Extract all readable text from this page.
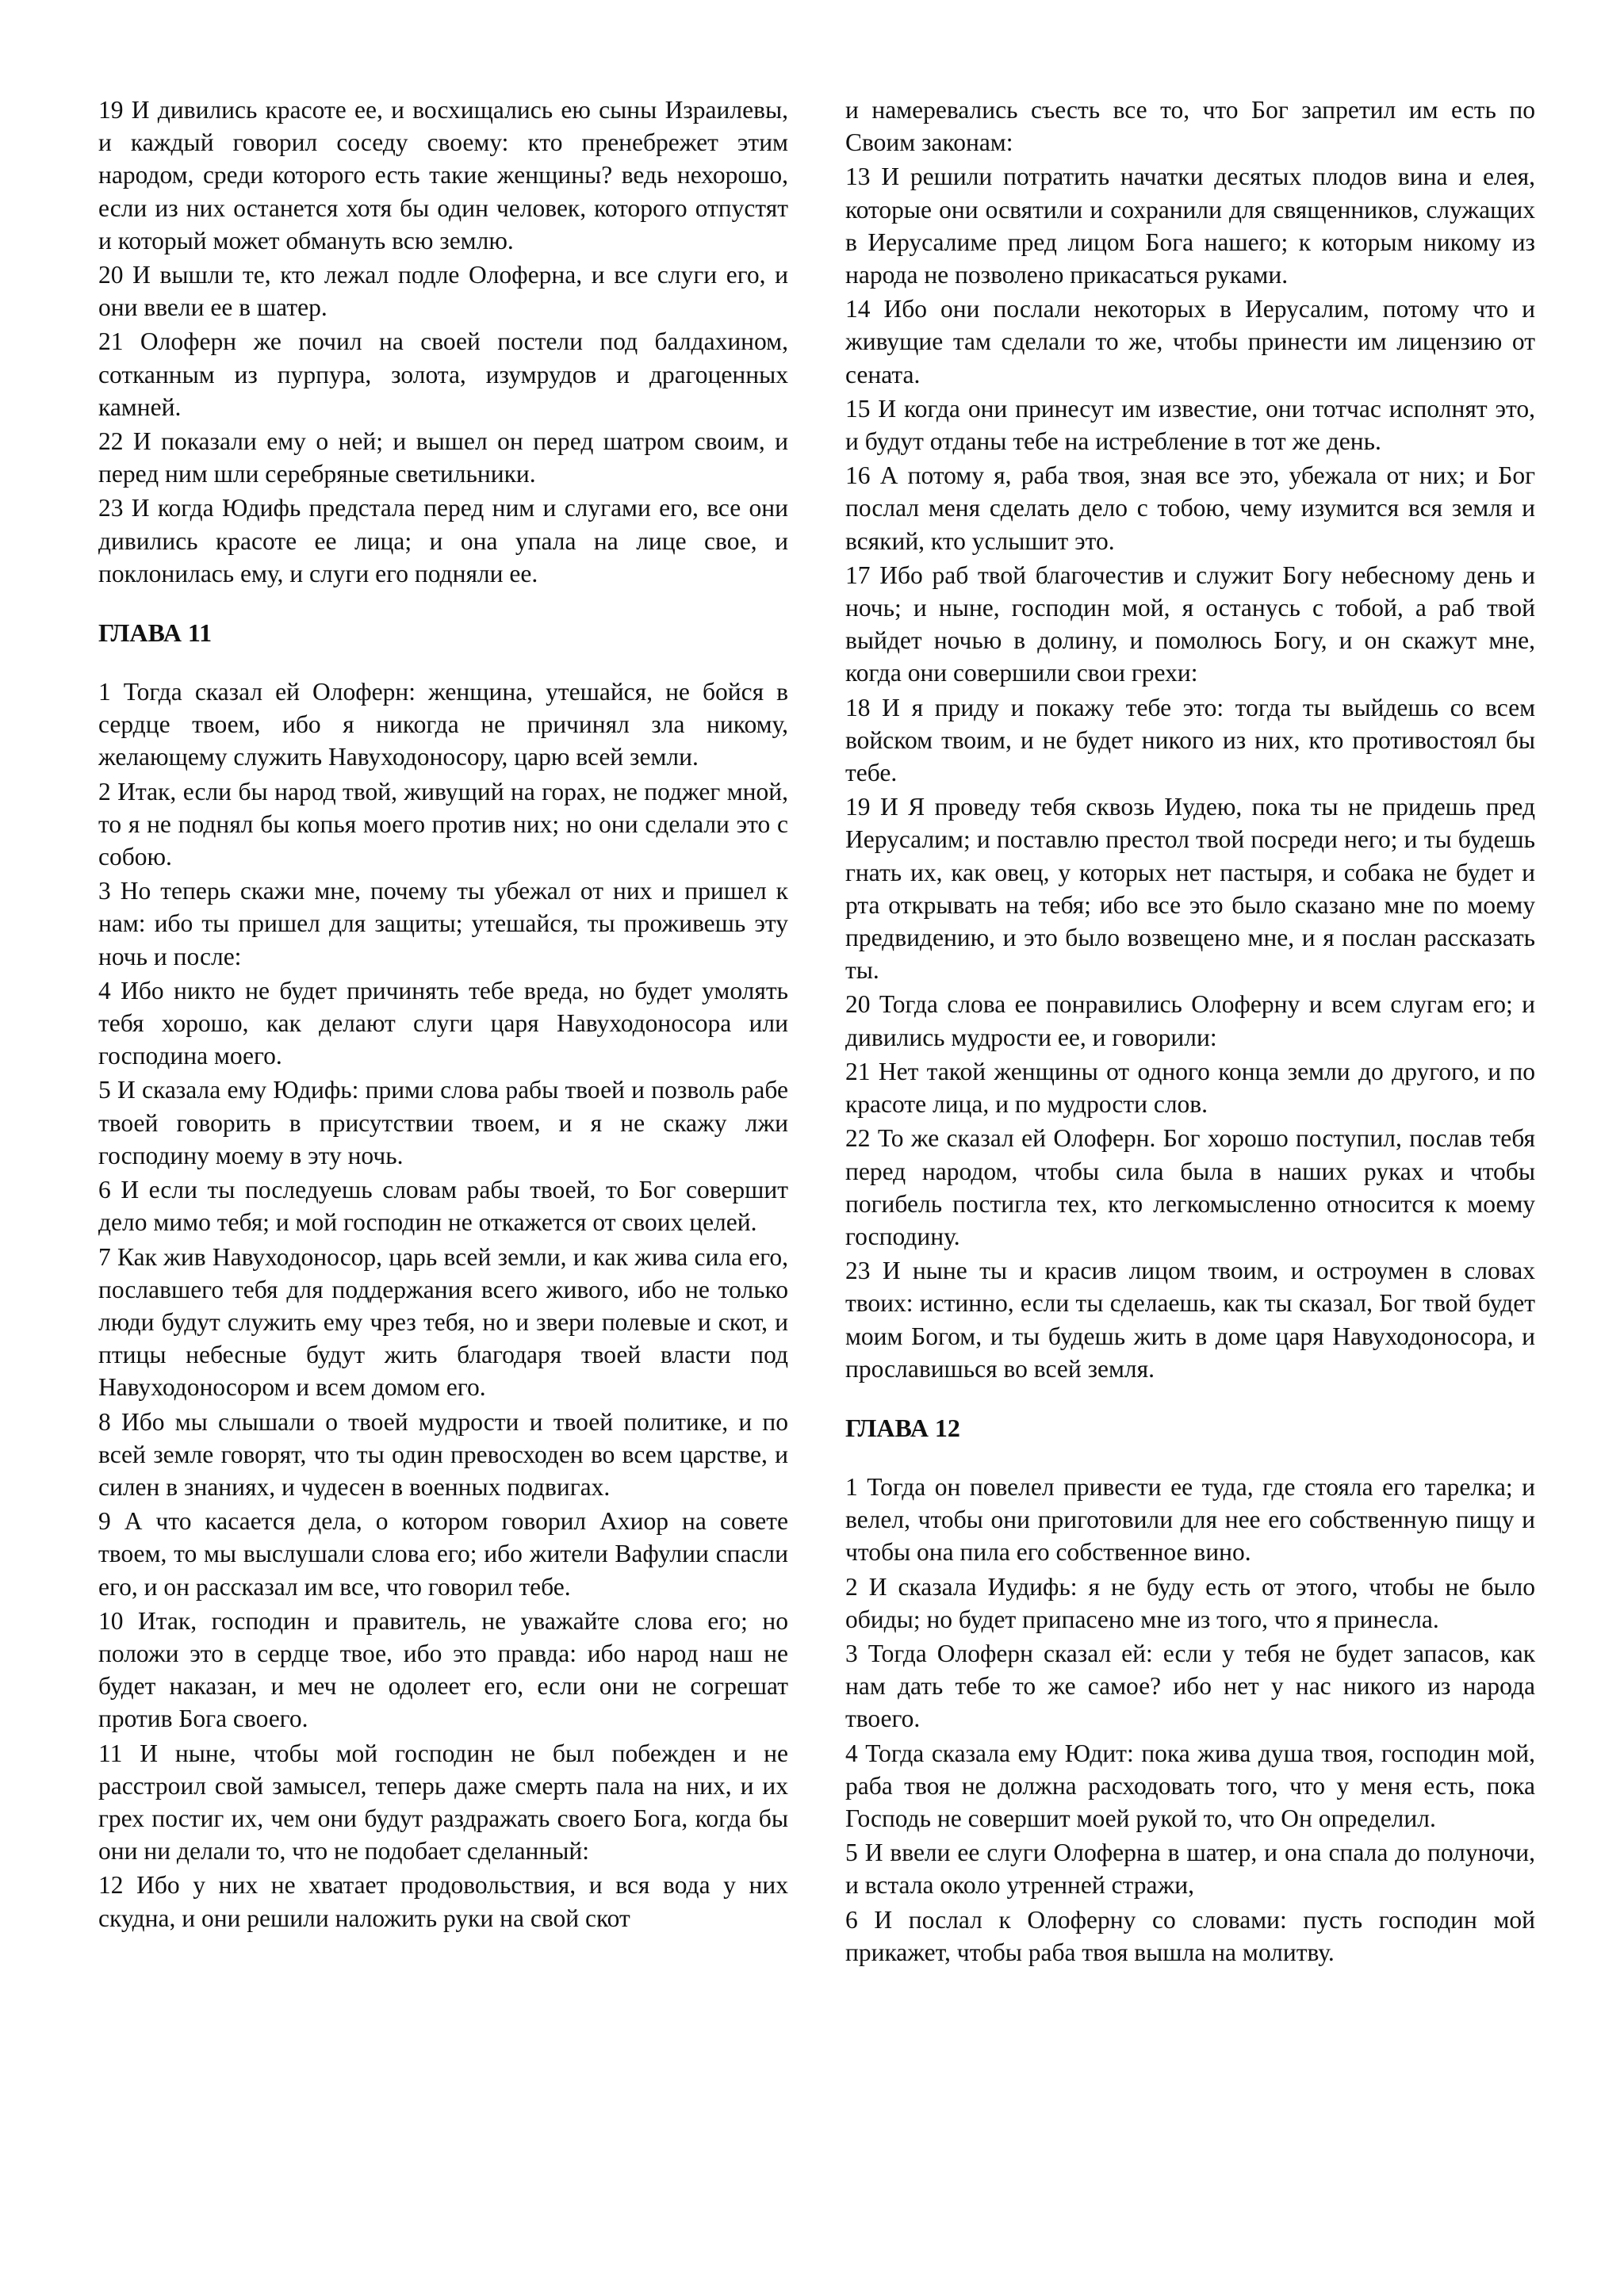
19 И дивились красоте ее, и восхищались ею сыны Израилевы, и каждый говорил соседу своему: кто пренебрежет этим народом, среди которого есть такие женщины? ведь нехорошо, если из них останется хотя бы один человек, которого отпустят и который может обмануть всю землю.

20 И вышли те, кто лежал подле Олоферна, и все слуги его, и они ввели ее в шатер.

21 Олоферн же почил на своей постели под балдахином, сотканным из пурпура, золота, изумрудов и драгоценных камней.

22 И показали ему о ней; и вышел он перед шатром своим, и перед ним шли серебряные светильники.

23 И когда Юдифь предстала перед ним и слугами его, все они дивились красоте ее лица; и она упала на лице свое, и поклонилась ему, и слуги его подняли ее.

ГЛАВА 11

1 Тогда сказал ей Олоферн: женщина, утешайся, не бойся в сердце твоем, ибо я никогда не причинял зла никому, желающему служить Навуходоносору, царю всей земли.

2 Итак, если бы народ твой, живущий на горах, не поджег мной, то я не поднял бы копья моего против них; но они сделали это с собою.

3 Но теперь скажи мне, почему ты убежал от них и пришел к нам: ибо ты пришел для защиты; утешайся, ты проживешь эту ночь и после:

4 Ибо никто не будет причинять тебе вреда, но будет умолять тебя хорошо, как делают слуги царя Навуходоносора или господина моего.

5 И сказала ему Юдифь: прими слова рабы твоей и позволь рабе твоей говорить в присутствии твоем, и я не скажу лжи господину моему в эту ночь.

6 И если ты последуешь словам рабы твоей, то Бог совершит дело мимо тебя; и мой господин не откажется от своих целей.

7 Как жив Навуходоносор, царь всей земли, и как жива сила его, пославшего тебя для поддержания всего живого, ибо не только люди будут служить ему чрез тебя, но и звери полевые и скот, и птицы небесные будут жить благодаря твоей власти под Навуходоносором и всем домом его.

8 Ибо мы слышали о твоей мудрости и твоей политике, и по всей земле говорят, что ты один превосходен во всем царстве, и силен в знаниях, и чудесен в военных подвигах.

9 А что касается дела, о котором говорил Ахиор на совете твоем, то мы выслушали слова его; ибо жители Вафулии спасли его, и он рассказал им все, что говорил тебе.

10 Итак, господин и правитель, не уважайте слова его; но положи это в сердце твое, ибо это правда: ибо народ наш не будет наказан, и меч не одолеет его, если они не согрешат против Бога своего.

11 И ныне, чтобы мой господин не был побежден и не расстроил свой замысел, теперь даже смерть пала на них, и их грех постиг их, чем они будут раздражать своего Бога, когда бы они ни делали то, что не подобает сделанный:

12 Ибо у них не хватает продовольствия, и вся вода у них скудна, и они решили наложить руки на свой скот

и намеревались съесть все то, что Бог запретил им есть по Своим законам:

13 И решили потратить начатки десятых плодов вина и елея, которые они освятили и сохранили для священников, служащих в Иерусалиме пред лицом Бога нашего; к которым никому из народа не позволено прикасаться руками.

14 Ибо они послали некоторых в Иерусалим, потому что и живущие там сделали то же, чтобы принести им лицензию от сената.

15 И когда они принесут им известие, они тотчас исполнят это, и будут отданы тебе на истребление в тот же день.

16 А потому я, раба твоя, зная все это, убежала от них; и Бог послал меня сделать дело с тобою, чему изумится вся земля и всякий, кто услышит это.

17 Ибо раб твой благочестив и служит Богу небесному день и ночь; и ныне, господин мой, я останусь с тобой, а раб твой выйдет ночью в долину, и помолюсь Богу, и он скажут мне, когда они совершили свои грехи:

18 И я приду и покажу тебе это: тогда ты выйдешь со всем войском твоим, и не будет никого из них, кто противостоял бы тебе.

19 И Я проведу тебя сквозь Иудею, пока ты не придешь пред Иерусалим; и поставлю престол твой посреди него; и ты будешь гнать их, как овец, у которых нет пастыря, и собака не будет и рта открывать на тебя; ибо все это было сказано мне по моему предвидению, и это было возвещено мне, и я послан рассказать ты.

20 Тогда слова ее понравились Олоферну и всем слугам его; и дивились мудрости ее, и говорили:

21 Нет такой женщины от одного конца земли до другого, и по красоте лица, и по мудрости слов.

22 То же сказал ей Олоферн. Бог хорошо поступил, послав тебя перед народом, чтобы сила была в наших руках и чтобы погибель постигла тех, кто легкомысленно относится к моему господину.

23 И ныне ты и красив лицом твоим, и остроумен в словах твоих: истинно, если ты сделаешь, как ты сказал, Бог твой будет моим Богом, и ты будешь жить в доме царя Навуходоносора, и прославишься во всей земля.

ГЛАВА 12

1 Тогда он повелел привести ее туда, где стояла его тарелка; и велел, чтобы они приготовили для нее его собственную пищу и чтобы она пила его собственное вино.

2 И сказала Иудифь: я не буду есть от этого, чтобы не было обиды; но будет припасено мне из того, что я принесла.

3 Тогда Олоферн сказал ей: если у тебя не будет запасов, как нам дать тебе то же самое? ибо нет у нас никого из народа твоего.

4 Тогда сказала ему Юдит: пока жива душа твоя, господин мой, раба твоя не должна расходовать того, что у меня есть, пока Господь не совершит моей рукой то, что Он определил.

5 И ввели ее слуги Олоферна в шатер, и она спала до полуночи, и встала около утренней стражи,

6 И послал к Олоферну со словами: пусть господин мой прикажет, чтобы раба твоя вышла на молитву.
